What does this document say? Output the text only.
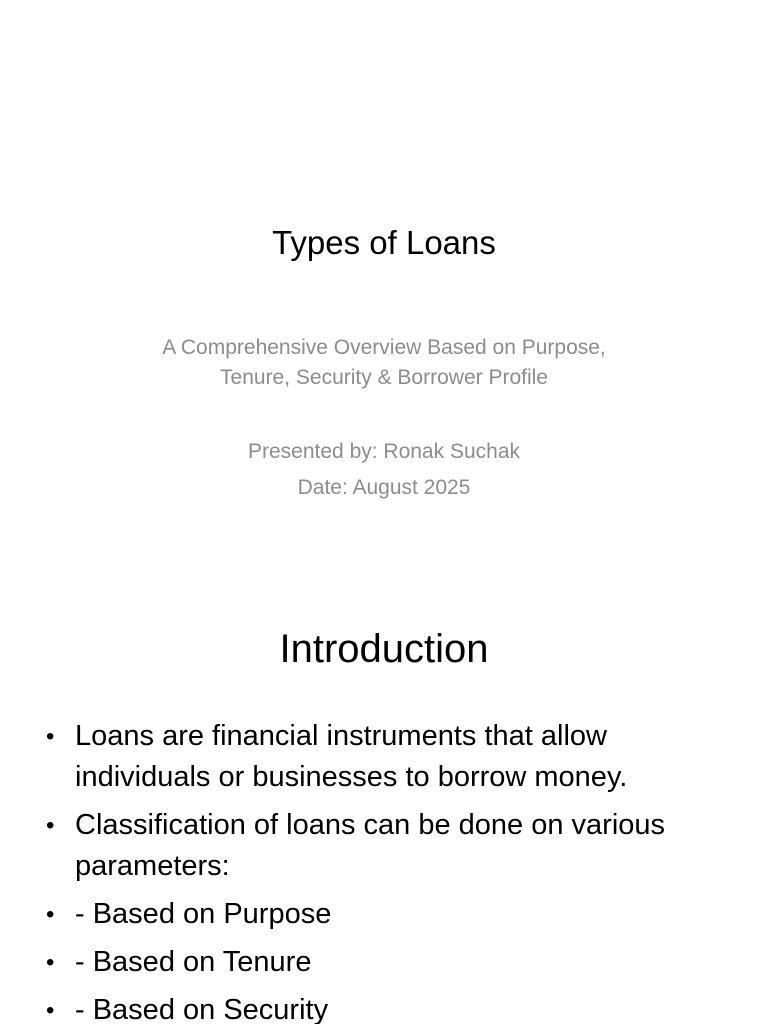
Types of Loans
A Comprehensive Overview Based on Purpose,
Tenure, Security & Borrower Profile
Presented by: Ronak Suchak
Date: August 2025
Introduction
• Loans are financial instruments that allow individuals or businesses to borrow money.
• Classification of loans can be done on various parameters:
• - Based on Purpose
• - Based on Tenure
• - Based on Security
